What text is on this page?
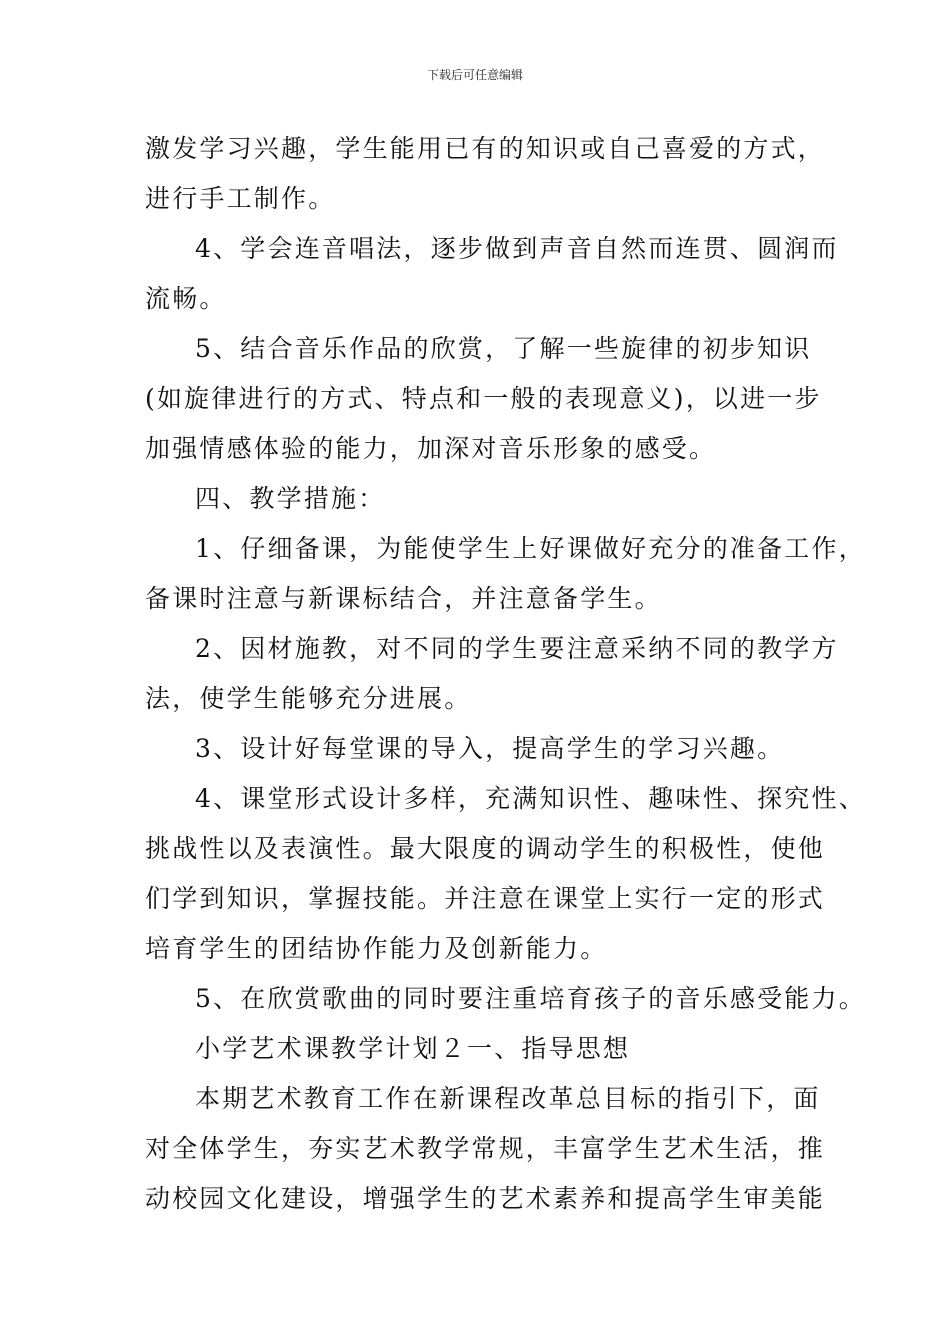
下载后可任意编辑
激发学习兴趣，学生能用已有的知识或自己喜爱的方式，
进行手工制作。
4、学会连音唱法，逐步做到声音自然而连贯、圆润而
流畅。
5、结合音乐作品的欣赏，了解一些旋律的初步知识
(如旋律进行的方式、特点和一般的表现意义)，以进一步
加强情感体验的能力，加深对音乐形象的感受。
四、教学措施：
1、仔细备课，为能使学生上好课做好充分的准备工作，
备课时注意与新课标结合，并注意备学生。
2、因材施教，对不同的学生要注意采纳不同的教学方
法，使学生能够充分进展。
3、设计好每堂课的导入，提高学生的学习兴趣。
4、课堂形式设计多样，充满知识性、趣味性、探究性、
挑战性以及表演性。最大限度的调动学生的积极性，使他
们学到知识，掌握技能。并注意在课堂上实行一定的形式
培育学生的团结协作能力及创新能力。
5、在欣赏歌曲的同时要注重培育孩子的音乐感受能力。
小学艺术课教学计划２一、指导思想
本期艺术教育工作在新课程改革总目标的指引下，面
对全体学生，夯实艺术教学常规，丰富学生艺术生活，推
动校园文化建设，增强学生的艺术素养和提高学生审美能
